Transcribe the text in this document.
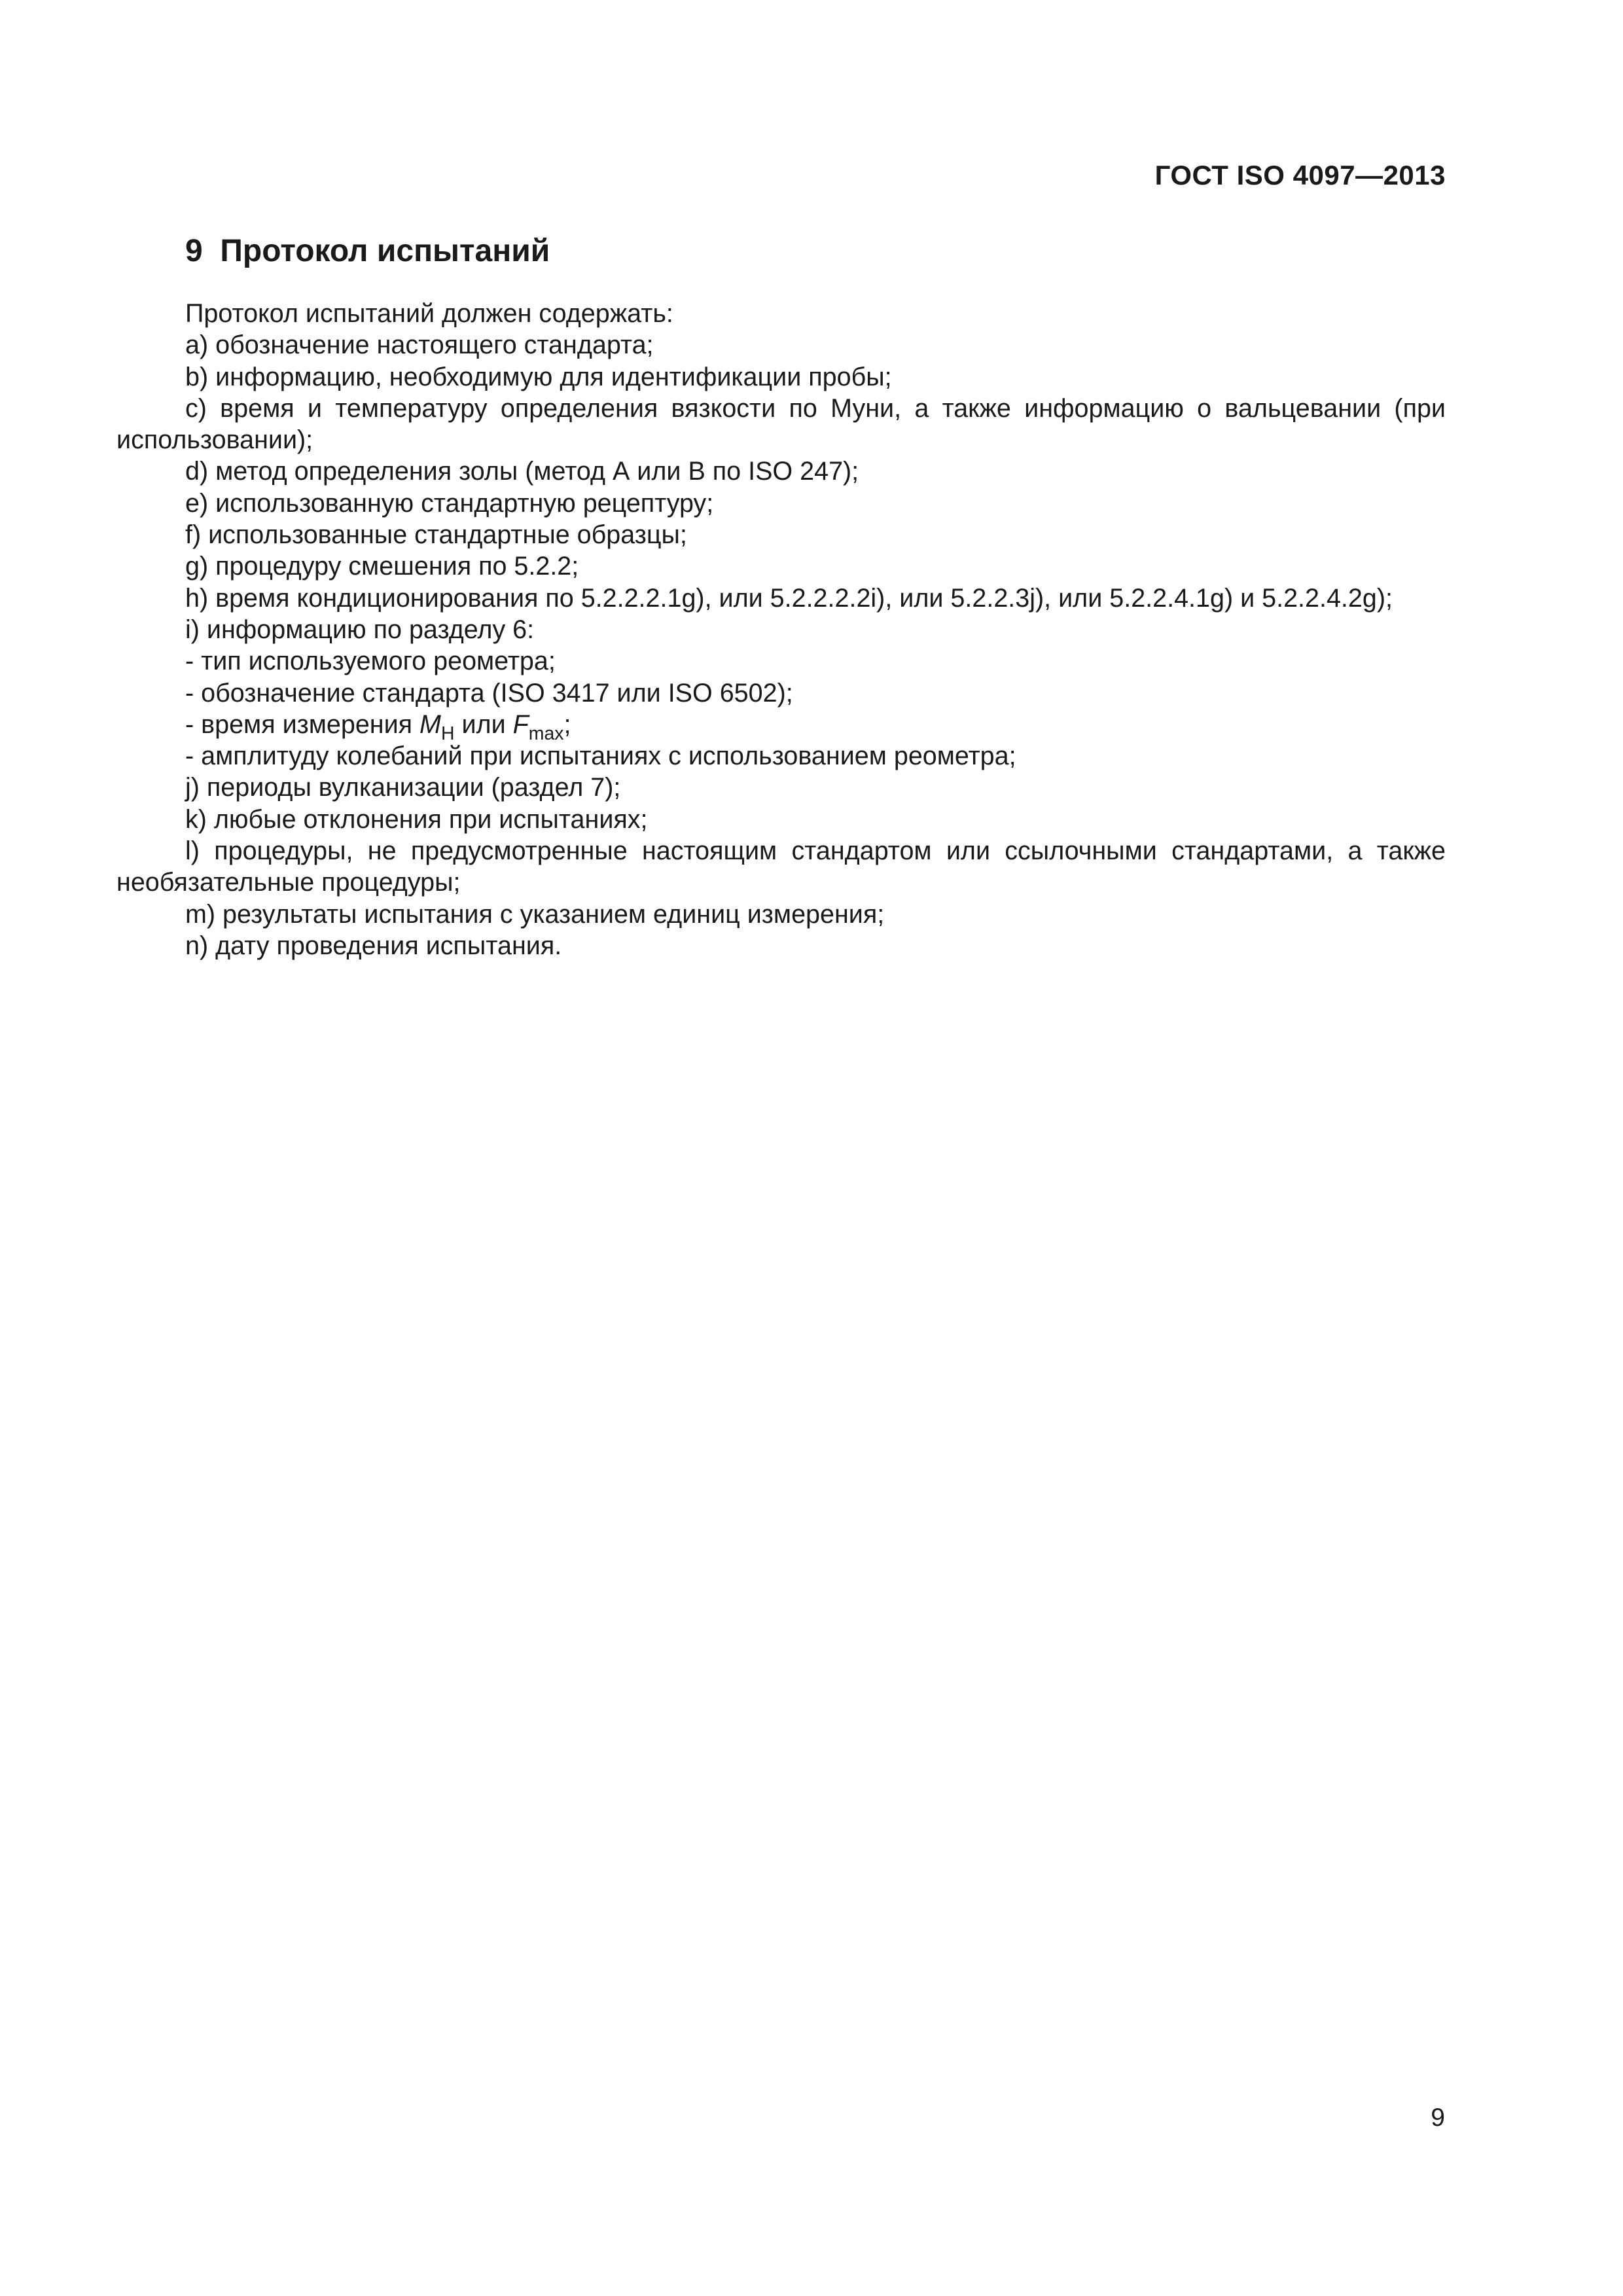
ГОСТ ISO 4097—2013
9 Протокол испытаний

Протокол испытаний должен содержать:

a) обозначение настоящего стандарта;

b) информацию, необходимую для идентификации пробы;

c) время и температуру определения вязкости по Муни, а также информацию о вальцевании (при использовании);

d) метод определения золы (метод А или В по ISO 247);

e) использованную стандартную рецептуру;

f) использованные стандартные образцы;

g) процедуру смешения по 5.2.2;

h) время кондиционирования по 5.2.2.2.1g), или 5.2.2.2.2i), или 5.2.2.3j), или 5.2.2.4.1g) и 5.2.2.4.2g);

i) информацию по разделу 6:

- тип используемого реометра;

- обозначение стандарта (ISO 3417 или ISO 6502);

- время измерения $M_H$ или $F_{max}$;

- амплитуду колебаний при испытаниях с использованием реометра;

j) периоды вулканизации (раздел 7);

k) любые отклонения при испытаниях;

l) процедуры, не предусмотренные настоящим стандартом или ссылочными стандартами, а также необязательные процедуры;

m) результаты испытания с указанием единиц измерения;

n) дату проведения испытания.

9
